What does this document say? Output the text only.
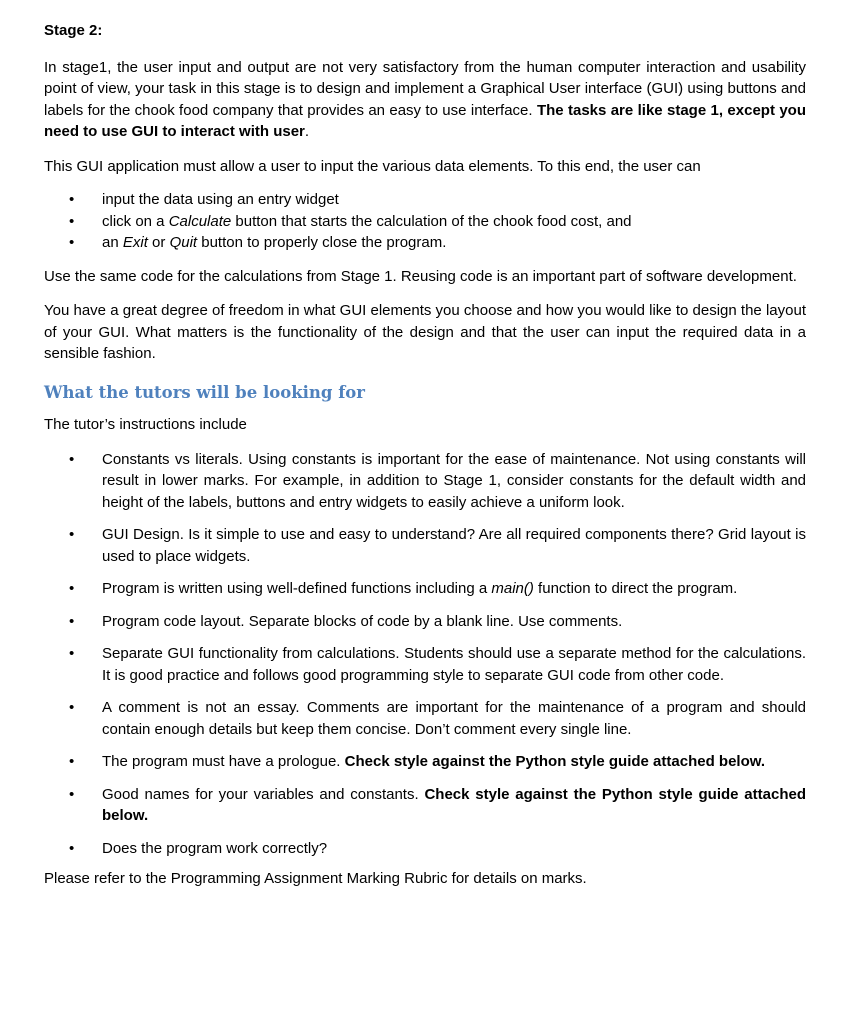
Stage 2:

In stage1, the user input and output are not very satisfactory from the human computer interaction and usability point of view, your task in this stage is to design and implement a Graphical User interface (GUI) using buttons and labels for the chook food company that provides an easy to use interface. The tasks are like stage 1, except you need to use GUI to interact with user.

This GUI application must allow a user to input the various data elements. To this end, the user can

• input the data using an entry widget
• click on a Calculate button that starts the calculation of the chook food cost, and
• an Exit or Quit button to properly close the program.

Use the same code for the calculations from Stage 1. Reusing code is an important part of software development.

You have a great degree of freedom in what GUI elements you choose and how you would like to design the layout of your GUI. What matters is the functionality of the design and that the user can input the required data in a sensible fashion.

What the tutors will be looking for

The tutor’s instructions include

• Constants vs literals. Using constants is important for the ease of maintenance. Not using constants will result in lower marks. For example, in addition to Stage 1, consider constants for the default width and height of the labels, buttons and entry widgets to easily achieve a uniform look.
• GUI Design. Is it simple to use and easy to understand? Are all required components there? Grid layout is used to place widgets.
• Program is written using well-defined functions including a main() function to direct the program.
• Program code layout. Separate blocks of code by a blank line. Use comments.
• Separate GUI functionality from calculations. Students should use a separate method for the calculations. It is good practice and follows good programming style to separate GUI code from other code.
• A comment is not an essay. Comments are important for the maintenance of a program and should contain enough details but keep them concise. Don’t comment every single line.
• The program must have a prologue. Check style against the Python style guide attached below.
• Good names for your variables and constants. Check style against the Python style guide attached below.
• Does the program work correctly?

Please refer to the Programming Assignment Marking Rubric for details on marks.
